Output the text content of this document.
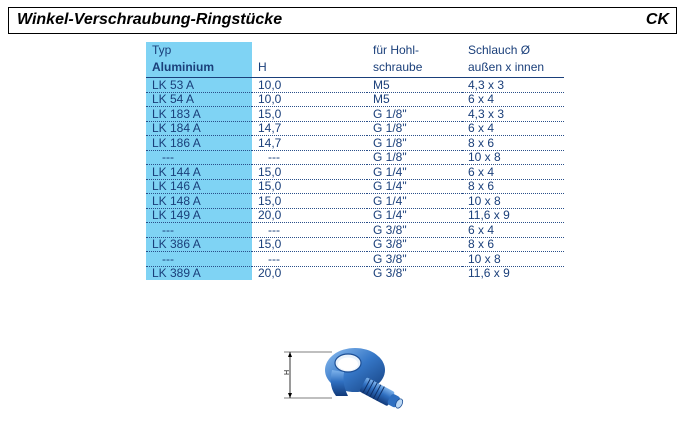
Winkel-Verschraubung-Ringstücke	CK
Typ		für Hohl-	Schlauch Ø
Aluminium	H	schraube	außen x innen
LK 53 A	10,0	M5	4,3 x 3
LK 54 A	10,0	M5	6 x 4
LK 183 A	15,0	G 1/8"	4,3 x 3
LK 184 A	14,7	G 1/8"	6 x 4
LK 186 A	14,7	G 1/8"	8 x 6
---	---	G 1/8"	10 x 8
LK 144 A	15,0	G 1/4"	6 x 4
LK 146 A	15,0	G 1/4"	8 x 6
LK 148 A	15,0	G 1/4"	10 x 8
LK 149 A	20,0	G 1/4"	11,6 x 9
---	---	G 3/8"	6 x 4
LK 386 A	15,0	G 3/8"	8 x 6
---	---	G 3/8"	10 x 8
LK 389 A	20,0	G 3/8"	11,6 x 9
H
